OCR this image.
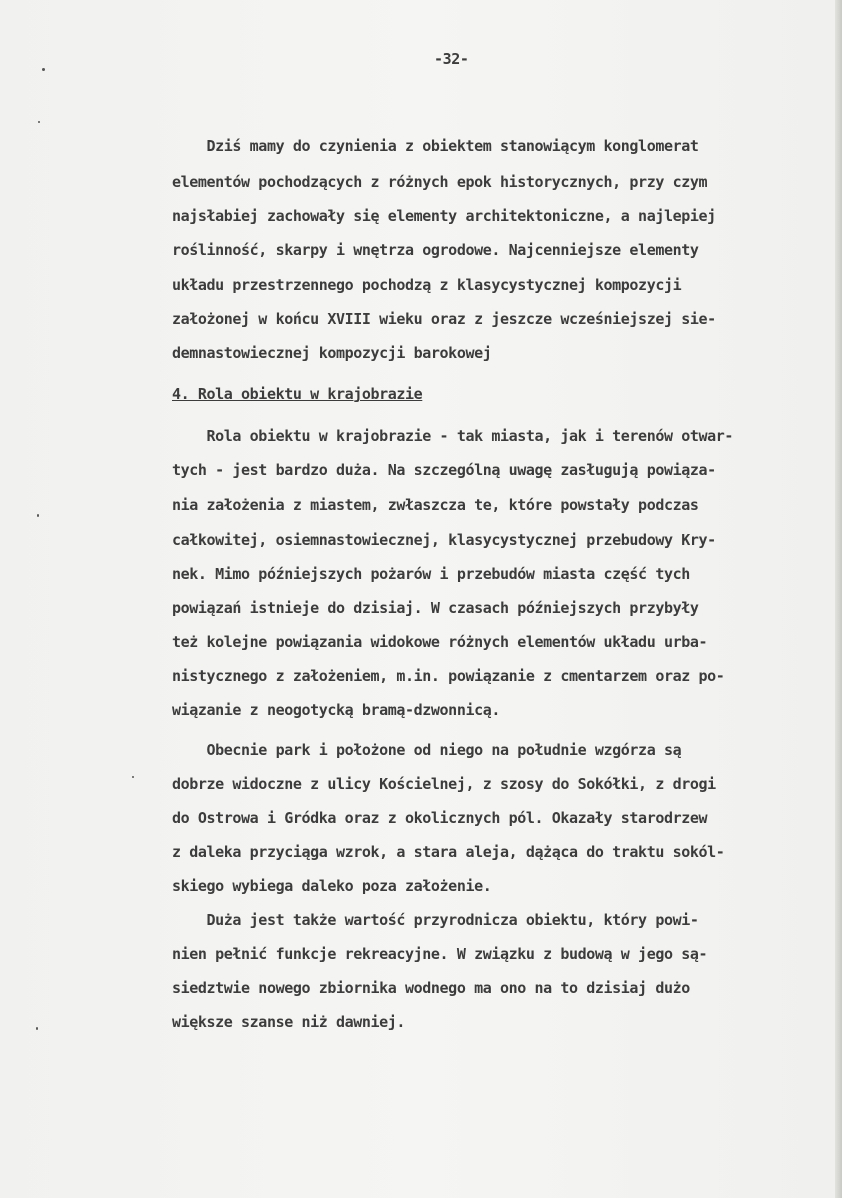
-32-
Dziś mamy do czynienia z obiektem stanowiącym konglomerat
elementów pochodzących z różnych epok historycznych, przy czym
najsłabiej zachowały się elementy architektoniczne, a najlepiej
roślinność, skarpy i wnętrza ogrodowe. Najcenniejsze elementy
układu przestrzennego pochodzą z klasycystycznej kompozycji
założonej w końcu XVIII wieku oraz z jeszcze wcześniejszej sie-
demnastowiecznej kompozycji barokowej
4. Rola obiektu w krajobrazie
Rola obiektu w krajobrazie - tak miasta, jak i terenów otwar-
tych - jest bardzo duża. Na szczególną uwagę zasługują powiąza-
nia założenia z miastem, zwłaszcza te, które powstały podczas
całkowitej, osiemnastowiecznej, klasycystycznej przebudowy Kry-
nek. Mimo późniejszych pożarów i przebudów miasta część tych
powiązań istnieje do dzisiaj. W czasach późniejszych przybyły
też kolejne powiązania widokowe różnych elementów układu urba-
nistycznego z założeniem, m.in. powiązanie z cmentarzem oraz po-
wiązanie z neogotycką bramą-dzwonnicą.
Obecnie park i położone od niego na południe wzgórza są
dobrze widoczne z ulicy Kościelnej, z szosy do Sokółki, z drogi
do Ostrowa i Gródka oraz z okolicznych pól. Okazały starodrzew
z daleka przyciąga wzrok, a stara aleja, dążąca do traktu sokól-
skiego wybiega daleko poza założenie.
Duża jest także wartość przyrodnicza obiektu, który powi-
nien pełnić funkcje rekreacyjne. W związku z budową w jego są-
siedztwie nowego zbiornika wodnego ma ono na to dzisiaj dużo
większe szanse niż dawniej.
